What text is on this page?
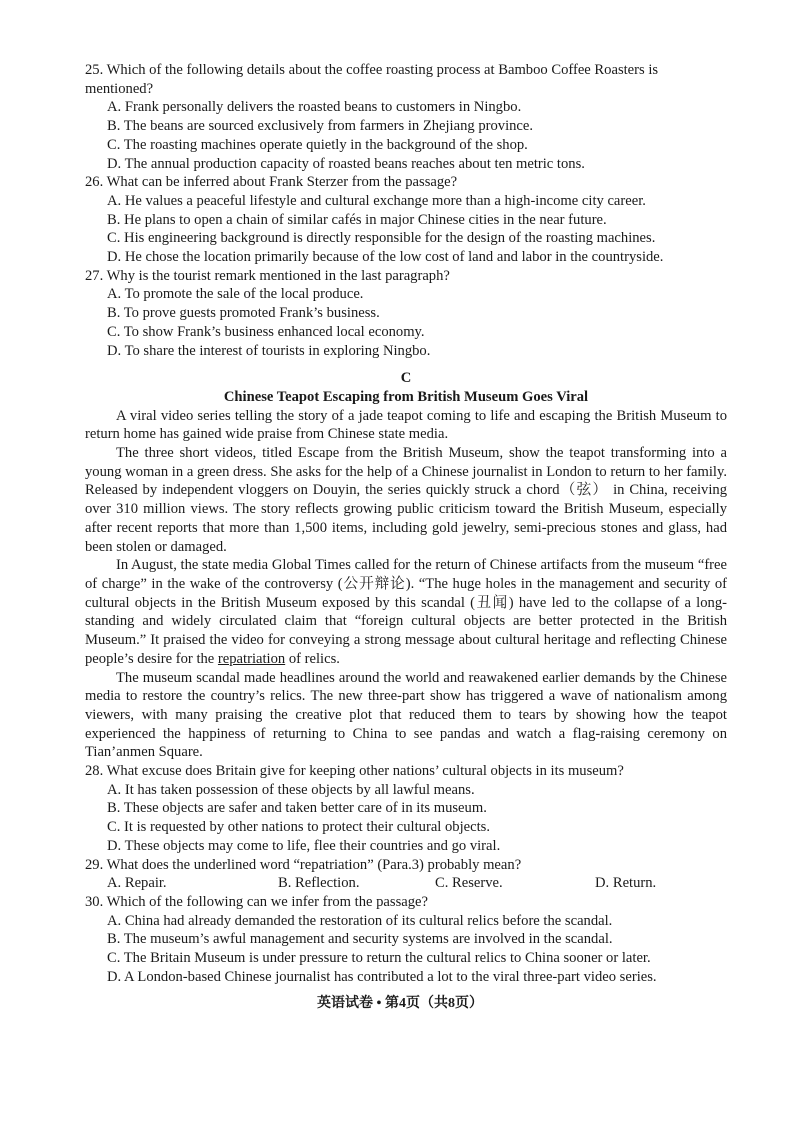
25. Which of the following details about the coffee roasting process at Bamboo Coffee Roasters is mentioned?

A. Frank personally delivers the roasted beans to customers in Ningbo.

B. The beans are sourced exclusively from farmers in Zhejiang province.

C. The roasting machines operate quietly in the background of the shop.

D. The annual production capacity of roasted beans reaches about ten metric tons.

26. What can be inferred about Frank Sterzer from the passage?

A. He values a peaceful lifestyle and cultural exchange more than a high-income city career.

B. He plans to open a chain of similar cafés in major Chinese cities in the near future.

C. His engineering background is directly responsible for the design of the roasting machines.

D. He chose the location primarily because of the low cost of land and labor in the countryside.

27. Why is the tourist remark mentioned in the last paragraph?

A. To promote the sale of the local produce.

B. To prove guests promoted Frank’s business.

C. To show Frank’s business enhanced local economy.

D. To share the interest of tourists in exploring Ningbo.

C
Chinese Teapot Escaping from British Museum Goes Viral

A viral video series telling the story of a jade teapot coming to life and escaping the British Museum to return home has gained wide praise from Chinese state media.

The three short videos, titled Escape from the British Museum, show the teapot transforming into a young woman in a green dress. She asks for the help of a Chinese journalist in London to return to her family. Released by independent vloggers on Douyin, the series quickly struck a chord（弦） in China, receiving over 310 million views. The story reflects growing public criticism toward the British Museum, especially after recent reports that more than 1,500 items, including gold jewelry, semi-precious stones and glass, had been stolen or damaged.

In August, the state media Global Times called for the return of Chinese artifacts from the museum “free of charge” in the wake of the controversy (公开辩论). “The huge holes in the management and security of cultural objects in the British Museum exposed by this scandal (丑闻) have led to the collapse of a long-standing and widely circulated claim that “foreign cultural objects are better protected in the British Museum.” It praised the video for conveying a strong message about cultural heritage and reflecting Chinese people’s desire for the repatriation of relics.

The museum scandal made headlines around the world and reawakened earlier demands by the Chinese media to restore the country’s relics. The new three-part show has triggered a wave of nationalism among viewers, with many praising the creative plot that reduced them to tears by showing how the teapot experienced the happiness of returning to China to see pandas and watch a flag-raising ceremony on Tian’anmen Square.

28. What excuse does Britain give for keeping other nations’ cultural objects in its museum?

A. It has taken possession of these objects by all lawful means.

B. These objects are safer and taken better care of in its museum.

C. It is requested by other nations to protect their cultural objects.

D. These objects may come to life, flee their countries and go viral.

29. What does the underlined word “repatriation” (Para.3) probably mean?

A. Repair.	B. Reflection.	C. Reserve.	D. Return.

30. Which of the following can we infer from the passage?

A. China had already demanded the restoration of its cultural relics before the scandal.

B. The museum’s awful management and security systems are involved in the scandal.

C. The Britain Museum is under pressure to return the cultural relics to China sooner or later.

D. A London-based Chinese journalist has contributed a lot to the viral three-part video series.

英语试卷 • 第4页（共8页）
